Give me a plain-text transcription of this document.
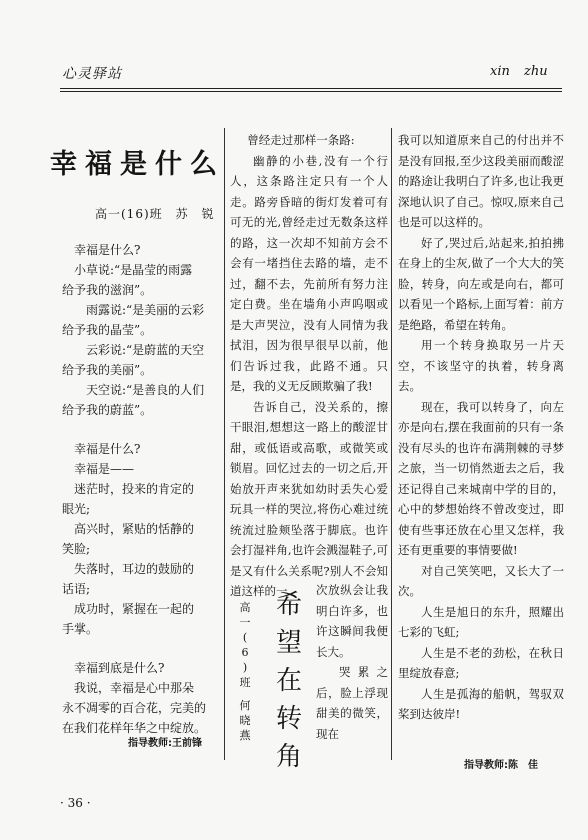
心灵驿站	xin zhu
幸福是什么
高一(16)班　苏　锐

幸福是什么?

小草说:“是晶莹的雨露

给予我的滋润”。

雨露说:“是美丽的云彩

给予我的晶莹”。

云彩说:“是蔚蓝的天空

给予我的美丽”。

天空说:“是善良的人们

给予我的蔚蓝”。

幸福是什么?

幸福是——

迷茫时，投来的肯定的

眼光;

高兴时，紧贴的恬静的

笑脸;

失落时，耳边的鼓励的

话语;

成功时，紧握在一起的

手掌。

幸福到底是什么?

我说，幸福是心中那朵

永不凋零的百合花，完美的

在我们花样年华之中绽放。

指导教师:王前锋

曾经走过那样一条路:

幽静的小巷,没有一个行人，这条路注定只有一个人走。路旁昏暗的街灯发着可有可无的光,曾经走过无数条这样的路，这一次却不知前方会不会有一堵挡住去路的墙，走不过，翻不去，先前所有努力注定白费。坐在墙角小声呜咽或是大声哭泣，没有人同情为我拭泪，因为很早很早以前，他们告诉过我，此路不通。只是，我的义无反顾欺骗了我!

告诉自己，没关系的，擦干眼泪,想想这一路上的酸涩甘甜，或低语或高歌，或微笑或锁眉。回忆过去的一切之后,开始放开声来犹如幼时丢失心爱玩具一样的哭泣,将伤心难过统统流过脸颊坠落于脚底。也许会打湿袢角,也许会溅湿鞋子,可是又有什么关系呢?别人不会知道这样的一

希
望
在
转
角
高
一
(
6
)
班

何
晓
燕

次放纵会让我明白许多，也许这瞬间我便长大。

哭累之后，脸上浮现甜美的微笑，现在

我可以知道原来自己的付出并不是没有回报,至少这段美丽而酸涩的路途让我明白了许多,也让我更深地认识了自己。惊叹,原来自己也是可以这样的。

好了,哭过后,站起来,拍拍拂在身上的尘灰,做了一个大大的笑脸，转身，向左或是向右，都可以看见一个路标,上面写着：前方是绝路，希望在转角。

用一个转身换取另一片天空，不该坚守的执着，转身离去。

现在，我可以转身了，向左亦是向右,摆在我面前的只有一条没有尽头的也许布满荆棘的寻梦之旅，当一切悄然逝去之后，我还记得自己来城南中学的目的，心中的梦想始终不曾改变过，即使有些事还放在心里又怎样，我还有更重要的事情要做!

对自己笑笑吧，又长大了一次。

人生是旭日的东升，照耀出七彩的飞虹;

人生是不老的劲松，在秋日里绽放春意;

人生是孤海的船帆，驾驭双桨到达彼岸!

指导教师:陈　佳
· 36 ·
